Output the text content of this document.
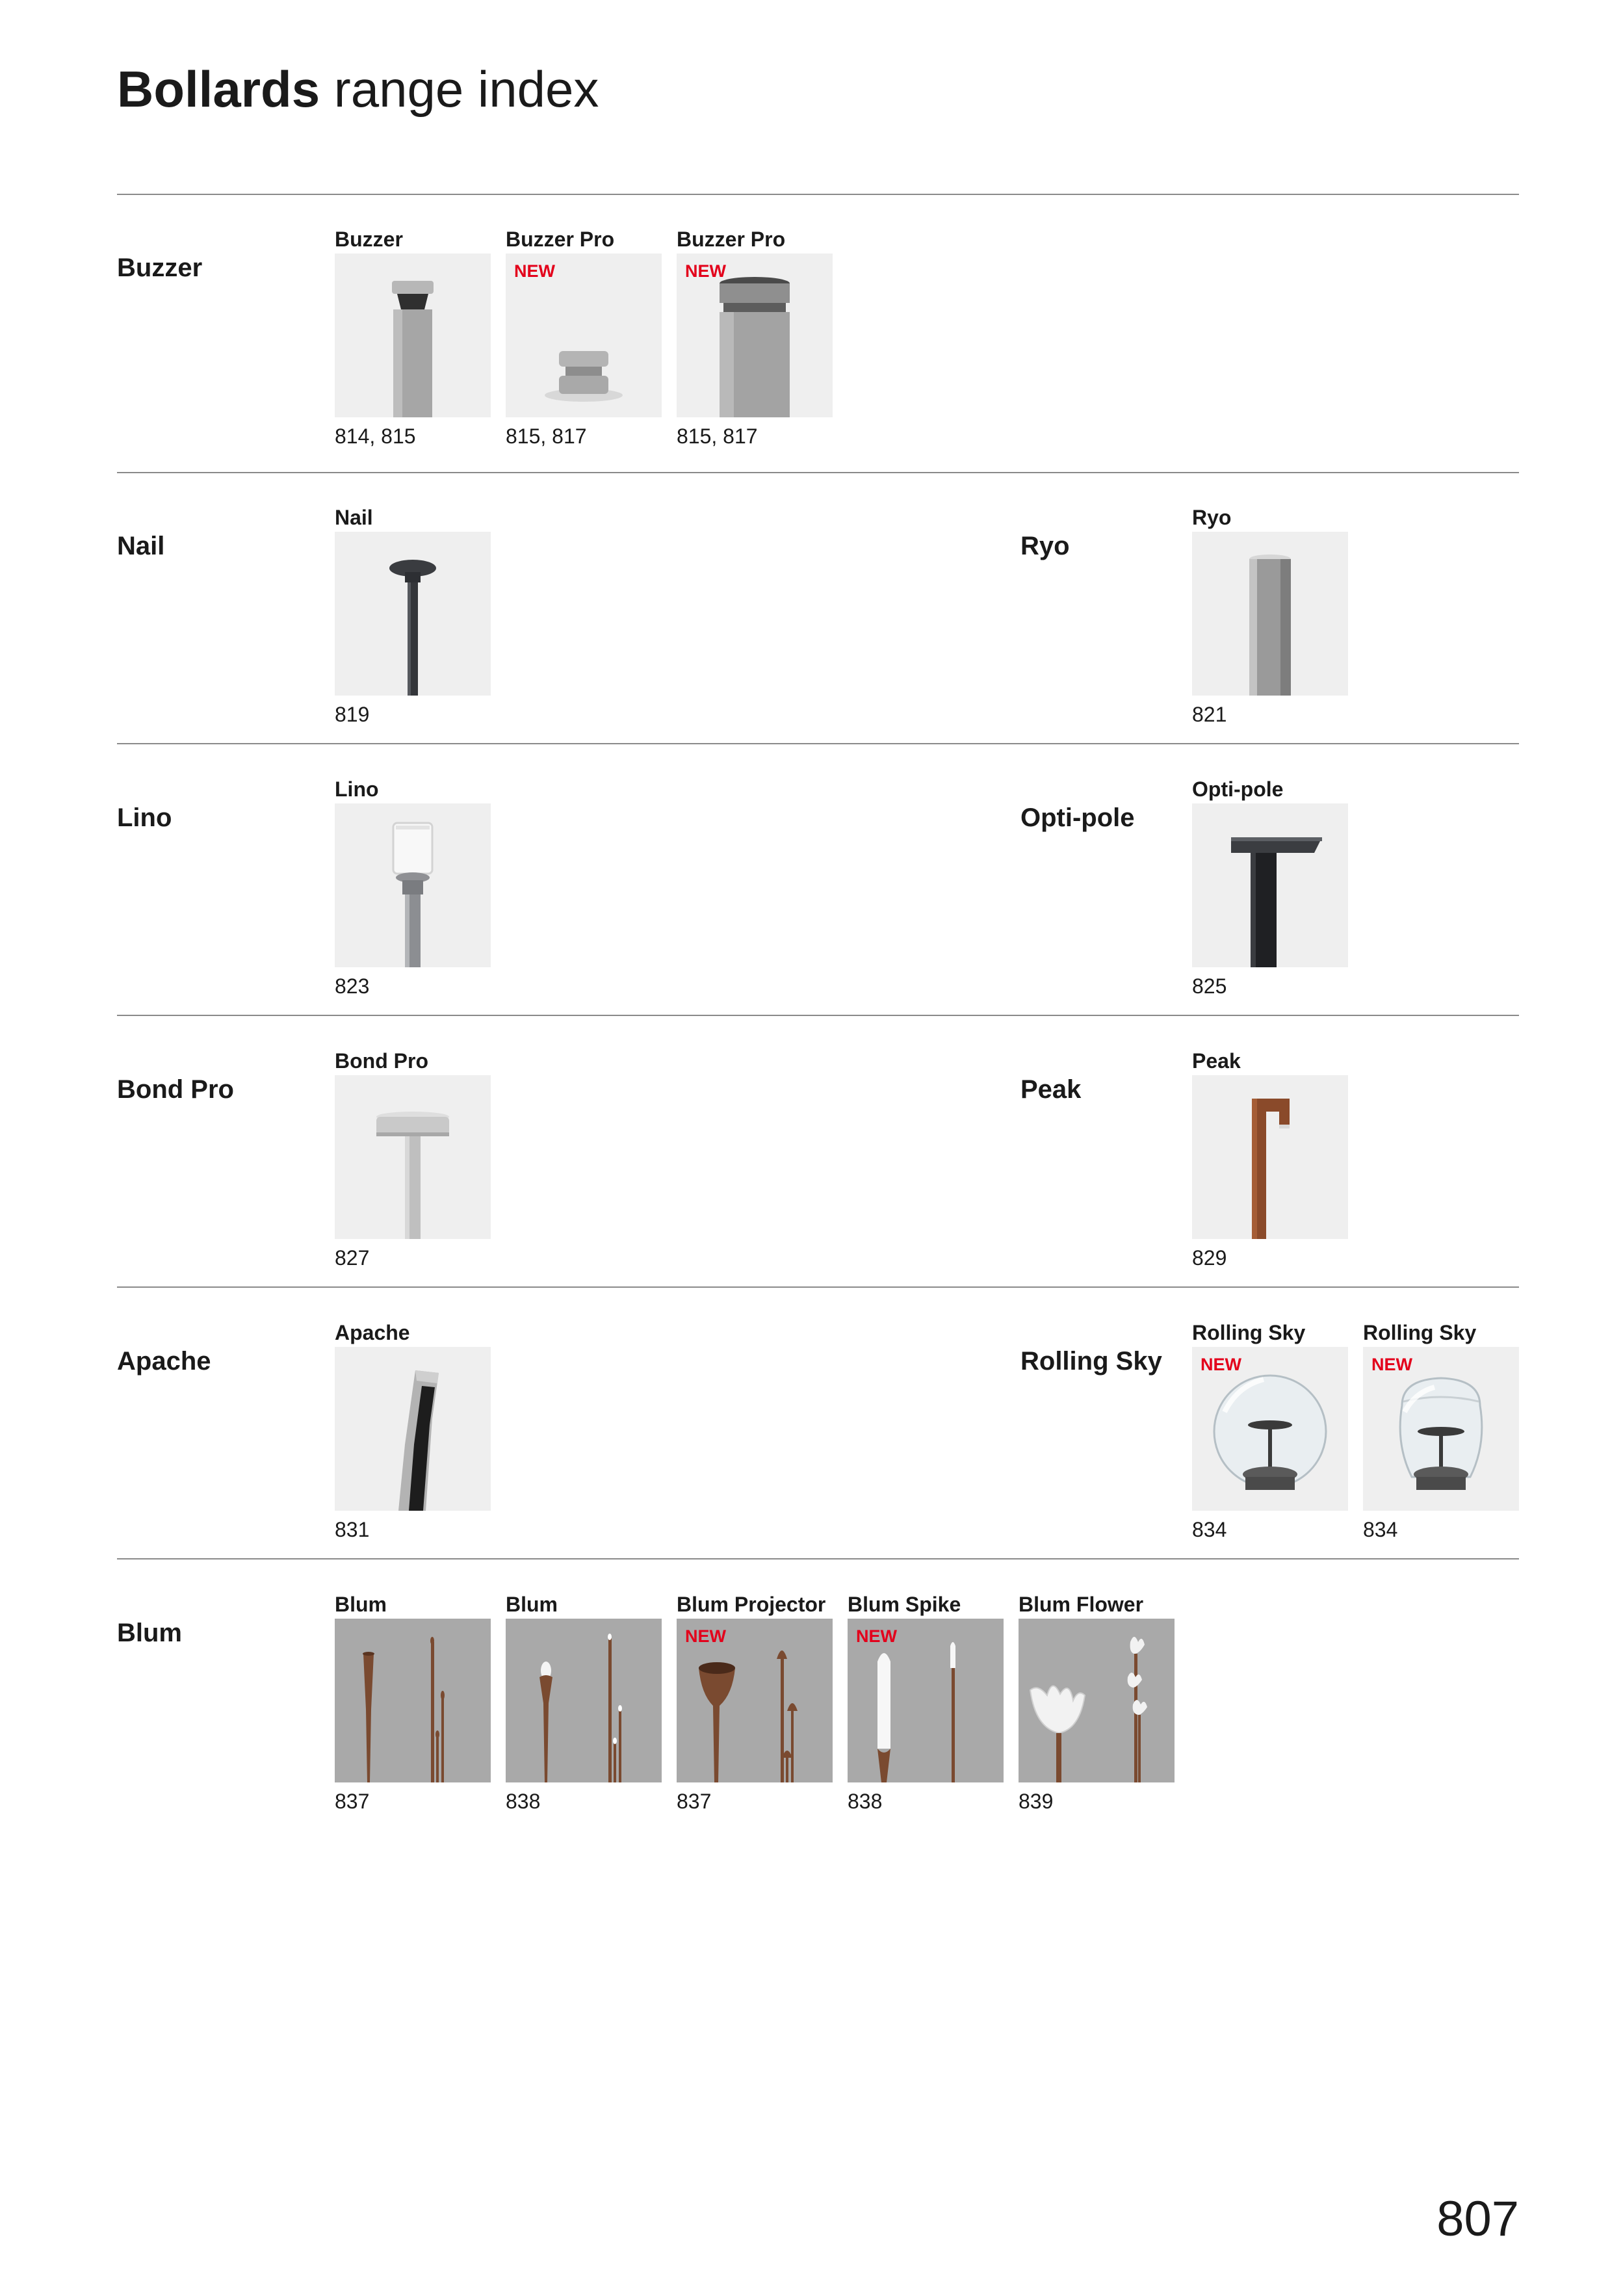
Bollards range index
Buzzer
Buzzer
814, 815
Buzzer Pro
NEW
815, 817
Buzzer Pro
NEW
815, 817
Nail
Nail
819
Ryo
Ryo
821
Lino
Lino
823
Opti-pole
Opti-pole
825
Bond Pro
Bond Pro
827
Peak
Peak
829
Apache
Apache
831
Rolling Sky
Rolling Sky
NEW
834
Rolling Sky
NEW
834
Blum
Blum
837
Blum
838
Blum Projector
NEW
837
Blum Spike
NEW
838
Blum Flower
839
807
